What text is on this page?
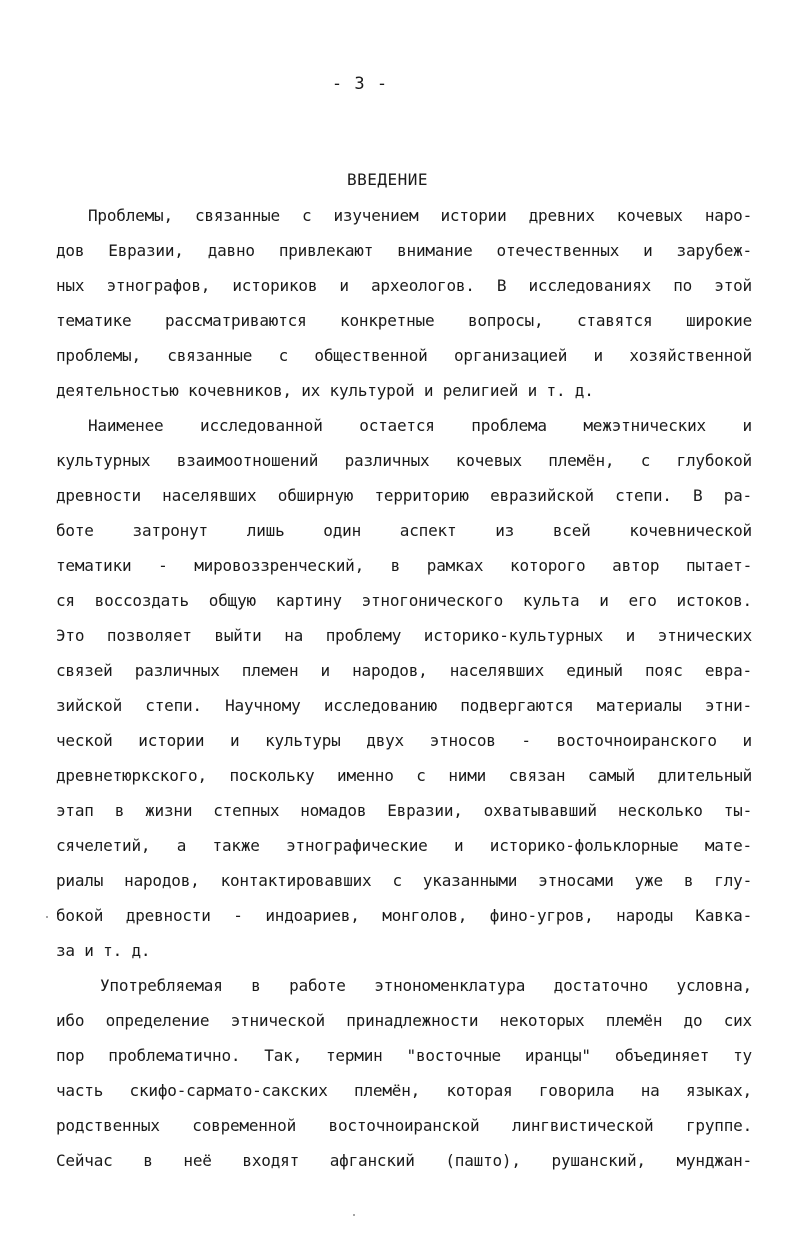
- 3 -
ВВЕДЕНИЕ
Проблемы, связанные с изучением истории древних кочевых наро-
дов Евразии, давно привлекают внимание отечественных и зарубеж-
ных этнографов, историков и археологов. В исследованиях по этой
тематике рассматриваются конкретные вопросы, ставятся широкие
проблемы, связанные с общественной организацией и хозяйственной
деятельностью кочевников, их культурой и религией и т. д.
Наименее исследованной остается проблема межэтнических и
культурных взаимоотношений различных кочевых племён, с глубокой
древности населявших обширную территорию евразийской степи. В ра-
боте затронут лишь один аспект из всей кочевнической
тематики - мировоззренческий, в рамках которого автор пытает-
ся воссоздать общую картину этногонического культа и его истоков.
Это позволяет выйти на проблему историко-культурных и этнических
связей различных племен и народов, населявших единый пояс евра-
зийской степи. Научному исследованию подвергаются материалы этни-
ческой истории и культуры двух этносов - восточноиранского и
древнетюркского, поскольку именно с ними связан самый длительный
этап в жизни степных номадов Евразии, охватывавший несколько ты-
сячелетий, а также этнографические и историко-фольклорные мате-
риалы народов, контактировавших с указанными этносами уже в глу-
бокой древности - индоариев, монголов, фино-угров, народы Кавка-
за и т. д.
Употребляемая в работе этнономенклатура достаточно условна,
ибо определение этнической принадлежности некоторых племён до сих
пор проблематично. Так, термин "восточные иранцы" объединяет ту
часть скифо-сармато-сакских племён, которая говорила на языках,
родственных современной восточноиранской лингвистической группе.
Сейчас в неё входят афганский (пашто), рушанский, мунджан-
